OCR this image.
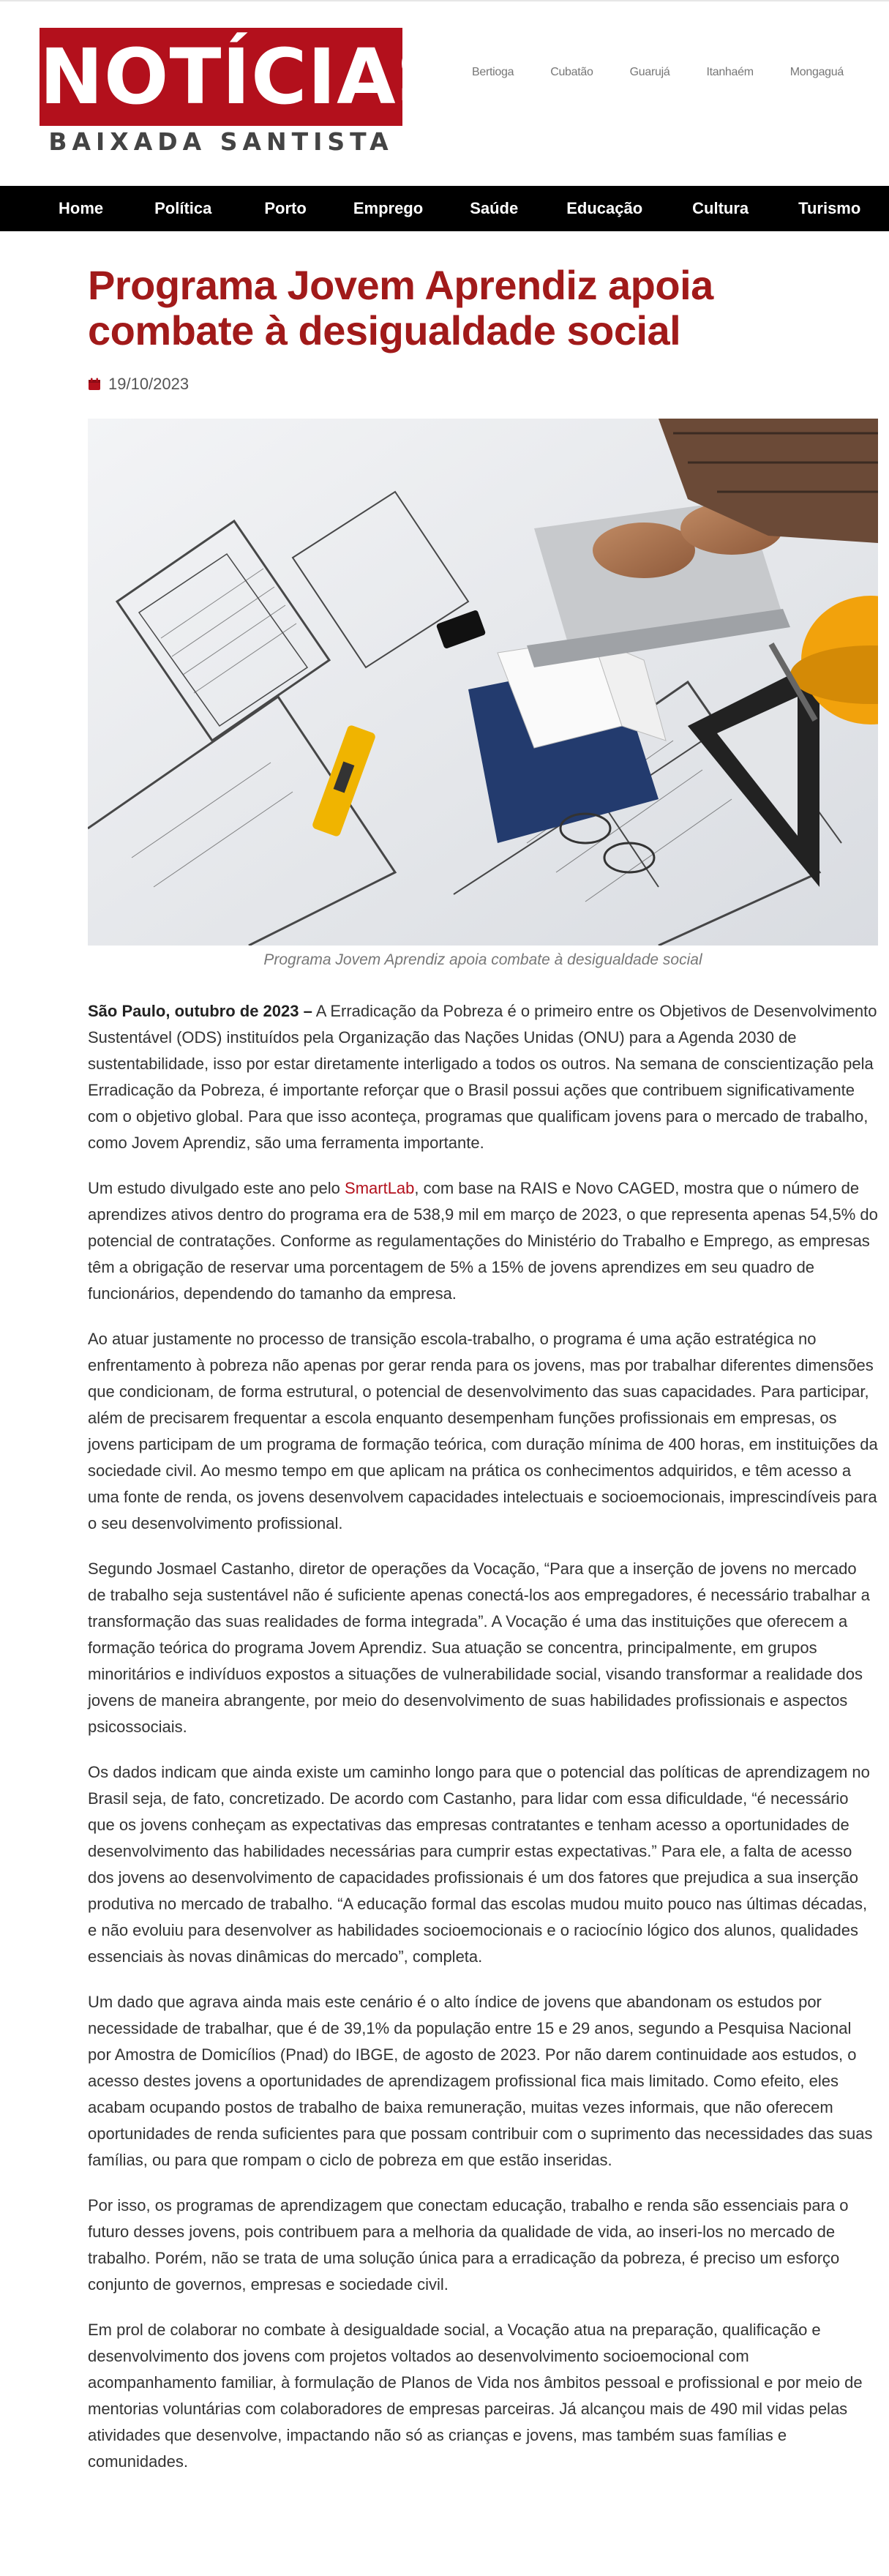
NOTÍCIAS
BAIXADA SANTISTA
Bertioga	Cubatão	Guarujá	Itanhaém	Mongaguá
Home	Política	Porto	Emprego	Saúde	Educação	Cultura	Turismo
Programa Jovem Aprendiz apoia combate à desigualdade social
19/10/2023
Programa Jovem Aprendiz apoia combate à desigualdade social

São Paulo, outubro de 2023 – A Erradicação da Pobreza é o primeiro entre os Objetivos de Desenvolvimento Sustentável (ODS) instituídos pela Organização das Nações Unidas (ONU) para a Agenda 2030 de sustentabilidade, isso por estar diretamente interligado a todos os outros. Na semana de conscientização pela Erradicação da Pobreza, é importante reforçar que o Brasil possui ações que contribuem significativamente com o objetivo global. Para que isso aconteça, programas que qualificam jovens para o mercado de trabalho, como Jovem Aprendiz, são uma ferramenta importante.

Um estudo divulgado este ano pelo SmartLab, com base na RAIS e Novo CAGED, mostra que o número de aprendizes ativos dentro do programa era de 538,9 mil em março de 2023, o que representa apenas 54,5% do potencial de contratações. Conforme as regulamentações do Ministério do Trabalho e Emprego, as empresas têm a obrigação de reservar uma porcentagem de 5% a 15% de jovens aprendizes em seu quadro de funcionários, dependendo do tamanho da empresa.

Ao atuar justamente no processo de transição escola-trabalho, o programa é uma ação estratégica no enfrentamento à pobreza não apenas por gerar renda para os jovens, mas por trabalhar diferentes dimensões que condicionam, de forma estrutural, o potencial de desenvolvimento das suas capacidades. Para participar, além de precisarem frequentar a escola enquanto desempenham funções profissionais em empresas, os jovens participam de um programa de formação teórica, com duração mínima de 400 horas, em instituições da sociedade civil. Ao mesmo tempo em que aplicam na prática os conhecimentos adquiridos, e têm acesso a uma fonte de renda, os jovens desenvolvem capacidades intelectuais e socioemocionais, imprescindíveis para o seu desenvolvimento profissional.

Segundo Josmael Castanho, diretor de operações da Vocação, “Para que a inserção de jovens no mercado de trabalho seja sustentável não é suficiente apenas conectá-los aos empregadores, é necessário trabalhar a transformação das suas realidades de forma integrada”. A Vocação é uma das instituições que oferecem a formação teórica do programa Jovem Aprendiz. Sua atuação se concentra, principalmente, em grupos minoritários e indivíduos expostos a situações de vulnerabilidade social, visando transformar a realidade dos jovens de maneira abrangente, por meio do desenvolvimento de suas habilidades profissionais e aspectos psicossociais.

Os dados indicam que ainda existe um caminho longo para que o potencial das políticas de aprendizagem no Brasil seja, de fato, concretizado. De acordo com Castanho, para lidar com essa dificuldade, “é necessário que os jovens conheçam as expectativas das empresas contratantes e tenham acesso a oportunidades de desenvolvimento das habilidades necessárias para cumprir estas expectativas.” Para ele, a falta de acesso dos jovens ao desenvolvimento de capacidades profissionais é um dos fatores que prejudica a sua inserção produtiva no mercado de trabalho. “A educação formal das escolas mudou muito pouco nas últimas décadas, e não evoluiu para desenvolver as habilidades socioemocionais e o raciocínio lógico dos alunos, qualidades essenciais às novas dinâmicas do mercado”, completa.

Um dado que agrava ainda mais este cenário é o alto índice de jovens que abandonam os estudos por necessidade de trabalhar, que é de 39,1% da população entre 15 e 29 anos, segundo a Pesquisa Nacional por Amostra de Domicílios (Pnad) do IBGE, de agosto de 2023. Por não darem continuidade aos estudos, o acesso destes jovens a oportunidades de aprendizagem profissional fica mais limitado. Como efeito, eles acabam ocupando postos de trabalho de baixa remuneração, muitas vezes informais, que não oferecem oportunidades de renda suficientes para que possam contribuir com o suprimento das necessidades das suas famílias, ou para que rompam o ciclo de pobreza em que estão inseridas.

Por isso, os programas de aprendizagem que conectam educação, trabalho e renda são essenciais para o futuro desses jovens, pois contribuem para a melhoria da qualidade de vida, ao inseri-los no mercado de trabalho. Porém, não se trata de uma solução única para a erradicação da pobreza, é preciso um esforço conjunto de governos, empresas e sociedade civil.

Em prol de colaborar no combate à desigualdade social, a Vocação atua na preparação, qualificação e desenvolvimento dos jovens com projetos voltados ao desenvolvimento socioemocional com acompanhamento familiar, à formulação de Planos de Vida nos âmbitos pessoal e profissional e por meio de mentorias voluntárias com colaboradores de empresas parceiras. Já alcançou mais de 490 mil vidas pelas atividades que desenvolve, impactando não só as crianças e jovens, mas também suas famílias e comunidades.
